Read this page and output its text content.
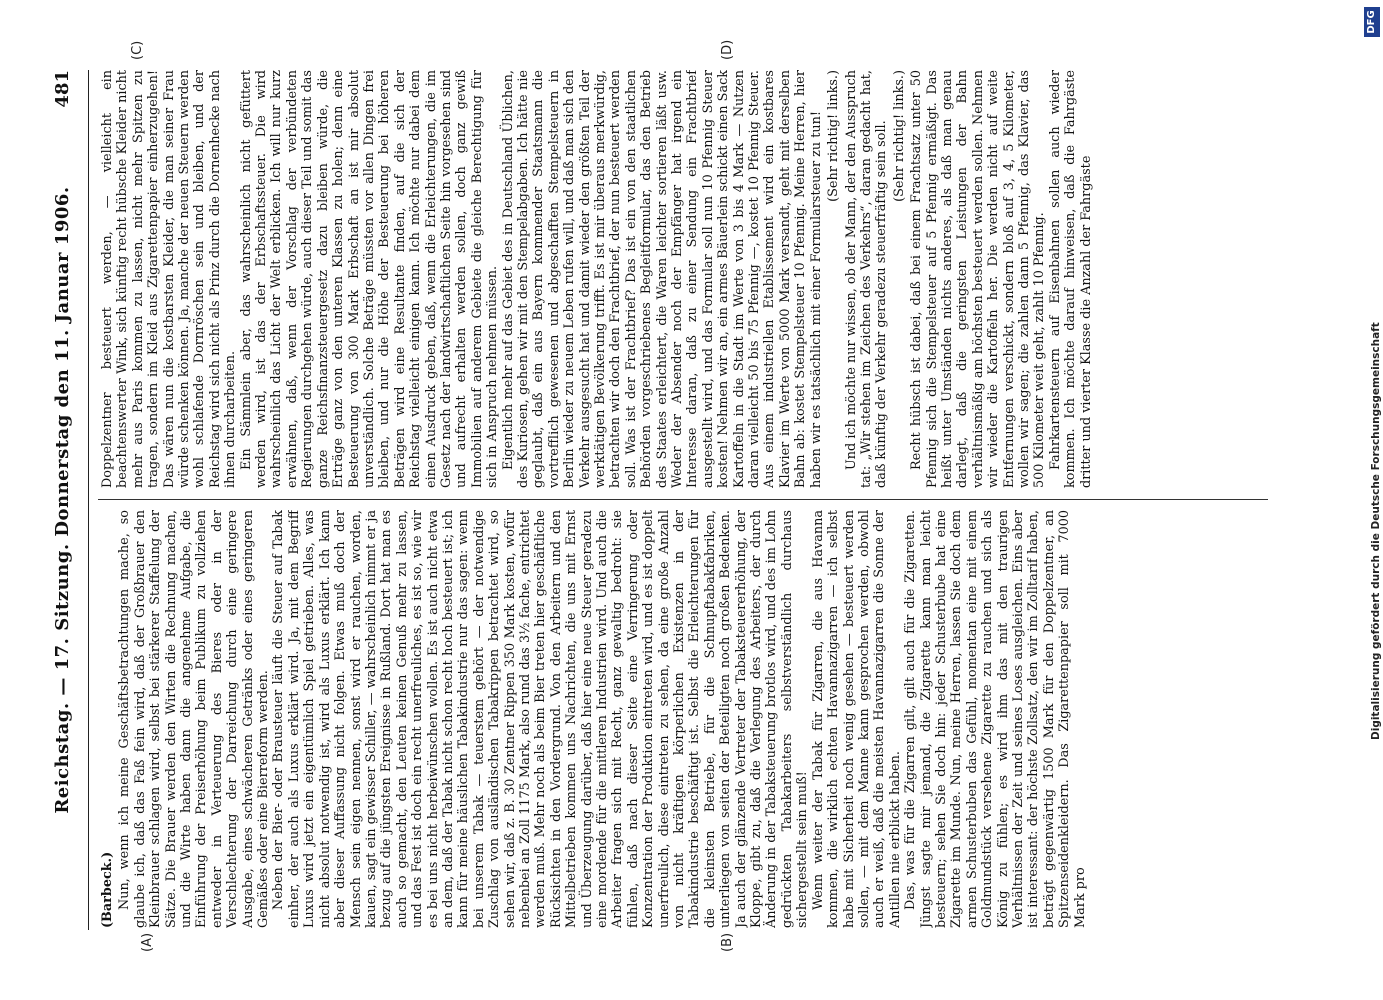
Reichstag. — 17. Sitzung. Donnerstag den 11. Januar 1906.
481
(A)	(B)
(C)	(D)
(Barbeck.) Nun, wenn ich meine Geschäftsbetrachtungen mache, so glaube ich, daß das Faß fein wird, daß der Großbrauer den Kleinbrauer schlagen wird, selbst bei stärkerer Staffelung der Sätze. Die Brauer werden den Wirten die Rechnung machen, und die Wirte haben dann die angenehme Aufgabe, die Einführung der Preiserhöhung beim Publikum zu vollziehen entweder in Verteuerung des Bieres oder in der Verschlechterung der Darreichung durch eine geringere Ausgabe, eines schwächeren Getränks oder eines geringeren Gemäßes oder eine Bierreform werden. Neben der Bier- oder Brausteuer läuft die Steuer auf Tabak einher, der auch als Luxus erklärt wird. Ja, mit dem Begriff Luxus wird jetzt ein eigentümlich Spiel getrieben. Alles, was nicht absolut notwendig ist, wird als Luxus erklärt. Ich kann aber dieser Auffassung nicht folgen. Etwas muß doch der Mensch sein eigen nennen, sonst wird er rauchen, worden, kauen, sagt ein gewisser Schiller, — wahrscheinlich nimmt er ja bezug auf die jüngsten Ereignisse in Rußland. Dort hat man es auch so gemacht, den Leuten keinen Genuß mehr zu lassen, und das Fest ist doch ein recht unerfreuliches, es ist so, wie wir es bei uns nicht herbeiwünschen wollen. Es ist auch nicht etwa an dem, daß der Tabak nicht schon recht hoch besteuert ist; ich kann für meine häuslichen Tabakindustrie nur das sagen: wenn bei unserem Tabak — teuerstem gehört — der notwendige Zuschlag von ausländischen Tabakrippen betrachtet wird, so sehen wir, daß z. B. 30 Zentner Rippen 350 Mark kosten, wofür nebenbei an Zoll 1175 Mark, also rund das 3½ fache, entrichtet werden muß. Mehr noch als beim Bier treten hier geschäftliche Rücksichten in den Vordergrund. Von den Arbeitern und den Mittelbetrieben kommen uns Nachrichten, die uns mit Ernst und Überzeugung darüber, daß hier eine neue Steuer geradezu eine mordende für die mittleren Industrien wird. Und auch die Arbeiter fragen sich mit Recht, ganz gewaltig bedroht: sie fühlen, daß nach dieser Seite eine Verringerung oder Konzentration der Produktion eintreten wird, und es ist doppelt unerfreulich, diese eintreten zu sehen, da eine große Anzahl von nicht kräftigen körperlichen Existenzen in der Tabakindustrie beschäftigt ist. Selbst die Erleichterungen für die kleinsten Betriebe, für die Schnupftabakfabriken, unterliegen von seiten der Beteiligten noch großen Bedenken. Ja auch der glänzende Vertreter der Tabaksteuererhöhung, der Kloppe, gibt zu, daß die Verlegung des Arbeiters, der durch Änderung in der Tabaksteuerung brotlos wird, und des im Lohn gedrückten Tabakarbeiters selbstverständlich durchaus sichergestellt sein muß! Wenn weiter der Tabak für Zigarren, die aus Havanna kommen, die wirklich echten Havannazigarren — ich selbst habe mit Sicherheit noch wenig gesehen — besteuert werden sollen, — mit dem Manne kann gesprochen werden, obwohl auch er weiß, daß die meisten Havannazigarren die Sonne der Antillen nie erblickt haben. Das, was für die Zigarren gilt, gilt auch für die Zigaretten. Jüngst sagte mir jemand, die Zigarette kann man leicht besteuern; sehen Sie doch hin: jeder Schusterbube hat eine Zigarette im Munde. Nun, meine Herren, lassen Sie doch dem armen Schusterbuben das Gefühl, momentan eine mit einem Goldmundstück versehene Zigarette zu rauchen und sich als König zu fühlen; es wird ihm das mit den traurigen Verhältnissen der Zeit und seines Loses ausgleichen. Eins aber ist interessant: der höchste Zollsatz, den wir im Zolltarif haben, beträgt gegenwärtig 1500 Mark für den Doppelzentner, an Spitzenseidenkleidern. Das Zigarettenpapier soll mit 7000 Mark pro

Doppelzentner besteuert werden, — vielleicht ein beachtenswerter Wink, sich künftig recht hübsche Kleider nicht mehr aus Paris kommen zu lassen, nicht mehr Spitzen zu tragen, sondern im Kleid aus Zigarettenpapier einherzugehen! Das wären nun die kostbarsten Kleider, die man seiner Frau würde schenken können. Ja, manche der neuen Steuern werden wohl schlafende Dornröschen sein und bleiben, und der Reichstag wird sich nicht als Prinz durch die Dornenhecke nach ihnen durcharbeiten. Ein Sämmlein aber, das wahrscheinlich nicht gefüttert werden wird, ist das der Erbschaftssteuer. Die wird wahrscheinlich das Licht der Welt erblicken. Ich will nur kurz erwähnen, daß, wenn der Vorschlag der verbündeten Regierungen durchgehen würde, auch dieser Teil und somit das ganze Reichsfinanzsteuergesetz dazu bleiben würde, die Erträge ganz von den unteren Klassen zu holen; denn eine Besteuerung von 300 Mark Erbschaft an ist mir absolut unverständlich. Solche Beträge müssten vor allen Dingen frei bleiben, und nur die Höhe der Besteuerung bei höheren Beträgen wird eine Resultante finden, auf die sich der Reichstag vielleicht einigen kann. Ich möchte nur dabei dem einen Ausdruck geben, daß, wenn die Erleichterungen, die im Gesetz nach der landwirtschaftlichen Seite hin vorgesehen sind und aufrecht erhalten werden sollen, doch ganz gewiß Immobilien auf anderem Gebiete die gleiche Berechtigung für sich in Anspruch nehmen müssen. Eigentlich mehr auf das Gebiet des in Deutschland Üblichen, des Kuriosen, gehen wir mit den Stempelabgaben. Ich hätte nie geglaubt, daß ein aus Bayern kommender Staatsmann die vortrefflich gewesenen und abgeschafften Stempelsteuern in Berlin wieder zu neuem Leben rufen will, und daß man sich den Verkehr ausgesucht hat und damit wieder den größten Teil der werktätigen Bevölkerung trifft. Es ist mir überaus merkwürdig, betrachten wir doch den Frachtbrief, der nun besteuert werden soll. Was ist der Frachtbrief? Das ist ein von den staatlichen Behörden vorgeschriebenes Begleitformular, das den Betrieb des Staates erleichtert, die Waren leichter sortieren läßt usw. Weder der Absender noch der Empfänger hat irgend ein Interesse daran, daß zu einer Sendung ein Frachtbrief ausgestellt wird, und das Formular soll nun 10 Pfennig Steuer kosten! Nehmen wir an, ein armes Bäuerlein schickt einen Sack Kartoffeln in die Stadt im Werte von 3 bis 4 Mark — Nutzen daran vielleicht 50 bis 75 Pfennig —, kostet 10 Pfennig Steuer. Aus einem industriellen Etablissement wird ein kostbares Klavier im Werte von 5000 Mark versandt, geht mit derselben Bahn ab: kostet Stempelsteuer 10 Pfennig. Meine Herren, hier haben wir es tatsächlich mit einer Formularsteuer zu tun! (Sehr richtig! links.) Und ich möchte nur wissen, ob der Mann, der den Ausspruch tat: „Wir stehen im Zeichen des Verkehrs“, daran gedacht hat, daß künftig der Verkehr geradezu steuerfräftig sein soll. (Sehr richtig! links.) Recht hübsch ist dabei, daß bei einem Frachtsatz unter 50 Pfennig sich die Stempelsteuer auf 5 Pfennig ermäßigt. Das heißt unter Umständen nichts anderes, als daß man genau darlegt, daß die geringsten Leistungen der Bahn verhältnismäßig am höchsten besteuert werden sollen. Nehmen wir wieder die Kartoffeln her. Die werden nicht auf weite Entfernungen verschickt, sondern bloß auf 3, 4, 5 Kilometer, wollen wir sagen; die zahlen dann 5 Pfennig, das Klavier, das 500 Kilometer weit geht, zahlt 10 Pfennig. Fahrkartensteuern auf Eisenbahnen sollen auch wieder kommen. Ich möchte darauf hinweisen, daß die Fahrgäste dritter und vierter Klasse die Anzahl der Fahrgäste

Digitalisierung gefördert durch die Deutsche Forschungsgemeinschaft
DFG
